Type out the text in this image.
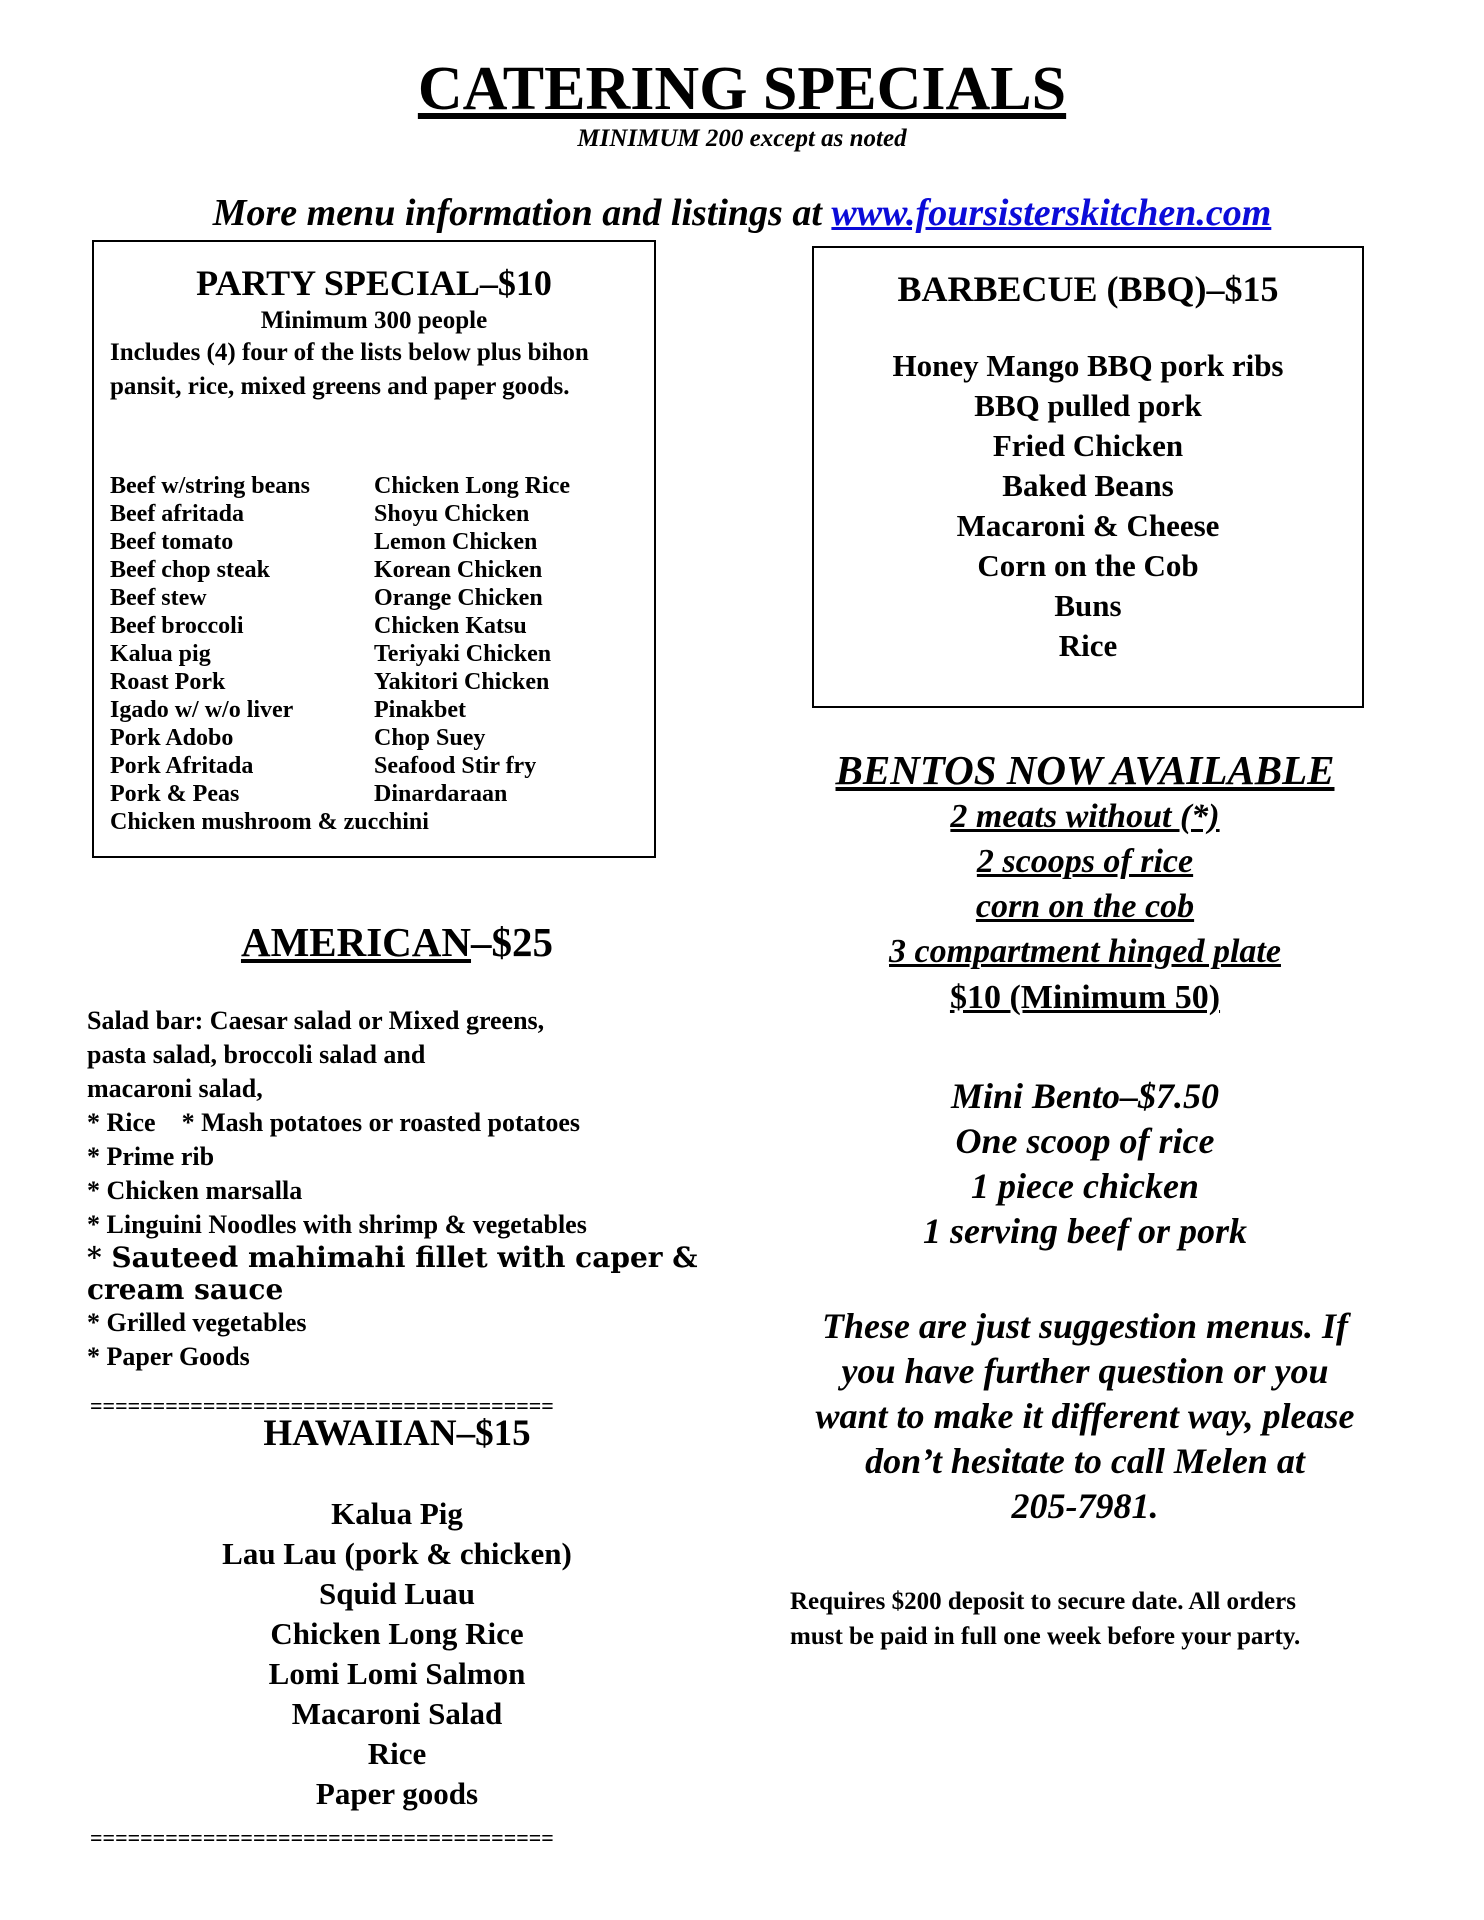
CATERING SPECIALS
MINIMUM 200 except as noted
More menu information and listings at www.foursisterskitchen.com
PARTY SPECIAL–$10
Minimum 300 people
Includes (4) four of the lists below plus bihon pansit, rice, mixed greens and paper goods.
Beef w/string beans
Beef afritada
Beef tomato
Beef chop steak
Beef stew
Beef broccoli
Kalua pig
Roast Pork
Igado w/ w/o liver
Pork Adobo
Pork Afritada
Pork & Peas
Chicken Long Rice
Shoyu Chicken
Lemon Chicken
Korean Chicken
Orange Chicken
Chicken Katsu
Teriyaki Chicken
Yakitori Chicken
Pinakbet
Chop Suey
Seafood Stir fry
Dinardaraan
Chicken mushroom & zucchini
BARBECUE (BBQ)–$15
Honey Mango BBQ pork ribs
BBQ pulled pork
Fried Chicken
Baked Beans
Macaroni & Cheese
Corn on the Cob
Buns
Rice
BENTOS NOW AVAILABLE
2 meats without (*)
2 scoops of rice
corn on the cob
3 compartment hinged plate
$10 (Minimum 50)
Mini Bento–$7.50
One scoop of rice
1 piece chicken
1 serving beef or pork
These are just suggestion menus. If
you have further question or you
want to make it different way, please
don’t hesitate to call Melen at
205-7981.
Requires $200 deposit to secure date. All orders
must be paid in full one week before your party.
AMERICAN–$25
Salad bar: Caesar salad or Mixed greens,
pasta salad, broccoli salad and
macaroni salad,
* Rice    * Mash potatoes or roasted potatoes
* Prime rib
* Chicken marsalla
* Linguini Noodles with shrimp & vegetables
* Sauteed mahimahi fillet with caper &
cream sauce
* Grilled vegetables
* Paper Goods
=====================================
HAWAIIAN–$15
Kalua Pig
Lau Lau (pork & chicken)
Squid Luau
Chicken Long Rice
Lomi Lomi Salmon
Macaroni Salad
Rice
Paper goods
=====================================
